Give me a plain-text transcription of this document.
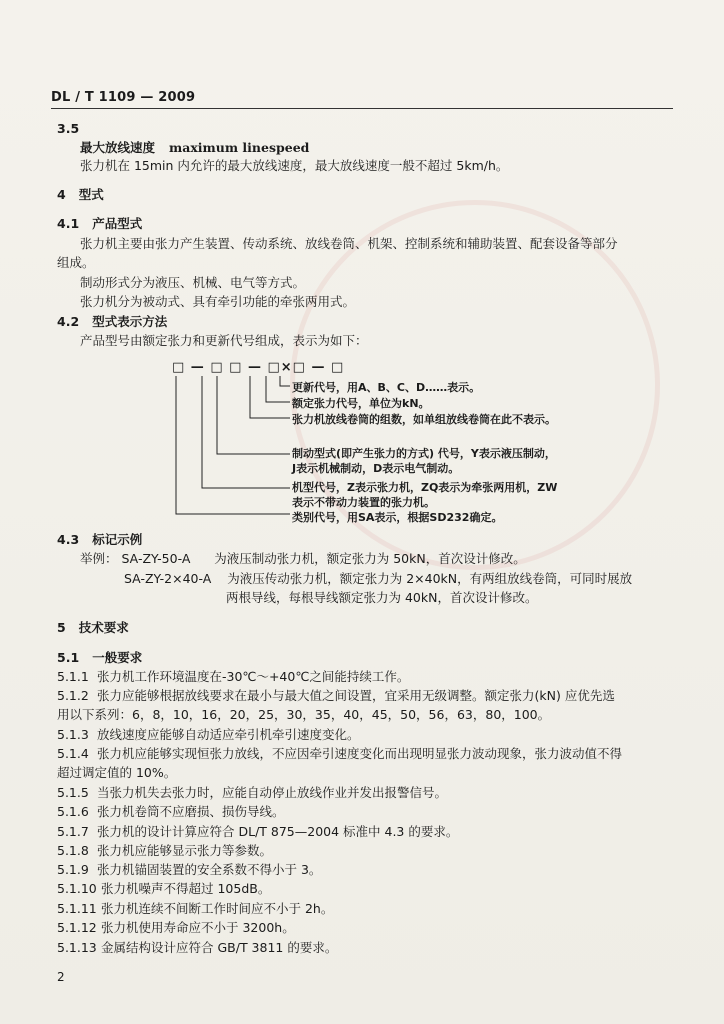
DL / T 1109 — 2009
3.5
最大放线速度 maximum linespeed
张力机在 15min 内允许的最大放线速度，最大放线速度一般不超过 5km/h。
4 型式
4.1 产品型式
张力机主要由张力产生装置、传动系统、放线卷筒、机架、控制系统和辅助装置、配套设备等部分
组成。
制动形式分为液压、机械、电气等方式。
张力机分为被动式、具有牵引功能的牵张两用式。
4.2 型式表示方法
产品型号由额定张力和更新代号组成，表示为如下：
□ — □ □ — □×□ — □
更新代号，用A、B、C、D……表示。
额定张力代号，单位为kN。
张力机放线卷筒的组数，如单组放线卷筒在此不表示。
制动型式(即产生张力的方式) 代号，Y表示液压制动，
J表示机械制动，D表示电气制动。
机型代号，Z表示张力机，ZQ表示为牵张两用机，ZW
表示不带动力装置的张力机。
类别代号，用SA表示，根据SD232确定。
4.3 标记示例
举例： SA-ZY-50-A 为液压制动张力机，额定张力为 50kN，首次设计修改。
SA-ZY-2×40-A 为液压传动张力机，额定张力为 2×40kN，有两组放线卷筒，可同时展放
两根导线，每根导线额定张力为 40kN，首次设计修改。
5 技术要求
5.1 一般要求
5.1.1 张力机工作环境温度在-30℃～+40℃之间能持续工作。
5.1.2 张力应能够根据放线要求在最小与最大值之间设置，宜采用无级调整。额定张力(kN) 应优先选
用以下系列：6，8，10，16，20，25，30，35，40，45，50，56，63，80，100。
5.1.3 放线速度应能够自动适应牵引机牵引速度变化。
5.1.4 张力机应能够实现恒张力放线，不应因牵引速度变化而出现明显张力波动现象，张力波动值不得
超过调定值的 10%。
5.1.5 当张力机失去张力时，应能自动停止放线作业并发出报警信号。
5.1.6 张力机卷筒不应磨损、损伤导线。
5.1.7 张力机的设计计算应符合 DL/T 875—2004 标准中 4.3 的要求。
5.1.8 张力机应能够显示张力等参数。
5.1.9 张力机锚固装置的安全系数不得小于 3。
5.1.10 张力机噪声不得超过 105dB。
5.1.11 张力机连续不间断工作时间应不小于 2h。
5.1.12 张力机使用寿命应不小于 3200h。
5.1.13 金属结构设计应符合 GB/T 3811 的要求。
2
